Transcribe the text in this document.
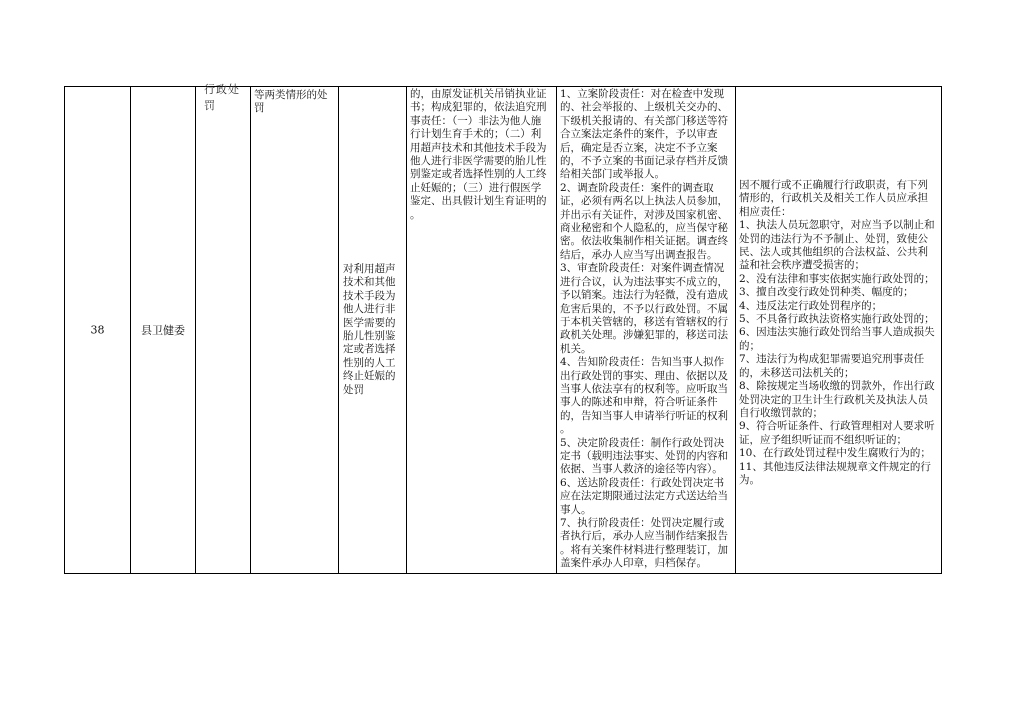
38	县卫健委
行政处罚
等两类情形的处罚
对利用超声
技术和其他
技术手段为
他人进行非
医学需要的
胎儿性别鉴
定或者选择
性别的人工
终止妊娠的
处罚
的，由原发证机关吊销执业证
书；构成犯罪的，依法追究刑
事责任：（一）非法为他人施
行计划生育手术的；（二）利
用超声技术和其他技术手段为
他人进行非医学需要的胎儿性
别鉴定或者选择性别的人工终
止妊娠的；（三）进行假医学
鉴定、出具假计划生育证明的
。
1、立案阶段责任：对在检查中发现
的、社会举报的、上级机关交办的、
下级机关报请的、有关部门移送等符
合立案法定条件的案件，予以审查
后，确定是否立案，决定不予立案
的，不予立案的书面记录存档并反馈
给相关部门或举报人。
2、调查阶段责任：案件的调查取
证，必须有两名以上执法人员参加，
并出示有关证件，对涉及国家机密、
商业秘密和个人隐私的，应当保守秘
密。依法收集制作相关证据。调查终
结后，承办人应当写出调查报告。
3、审查阶段责任：对案件调查情况
进行合议，认为违法事实不成立的，
予以销案。违法行为轻微，没有造成
危害后果的，不予以行政处罚。不属
于本机关管辖的，移送有管辖权的行
政机关处理。涉嫌犯罪的，移送司法
机关。
4、告知阶段责任：告知当事人拟作
出行政处罚的事实、理由、依据以及
当事人依法享有的权利等。应听取当
事人的陈述和申辩，符合听证条件
的，告知当事人申请举行听证的权利
。
5、决定阶段责任：制作行政处罚决
定书（载明违法事实、处罚的内容和
依据、当事人救济的途径等内容）。
6、送达阶段责任：行政处罚决定书
应在法定期限通过法定方式送达给当
事人。
7、执行阶段责任：处罚决定履行或
者执行后，承办人应当制作结案报告
。将有关案件材料进行整理装订，加
盖案件承办人印章，归档保存。
因不履行或不正确履行行政职责，有下列
情形的，行政机关及相关工作人员应承担
相应责任：
1、执法人员玩忽职守，对应当予以制止和
处罚的违法行为不予制止、处罚，致使公
民、法人或其他组织的合法权益、公共利
益和社会秩序遭受损害的；
2、没有法律和事实依据实施行政处罚的；
3、擅自改变行政处罚种类、幅度的；
4、违反法定行政处罚程序的；
5、不具备行政执法资格实施行政处罚的；
6、因违法实施行政处罚给当事人造成损失
的；
7、违法行为构成犯罪需要追究刑事责任
的，未移送司法机关的；
8、除按规定当场收缴的罚款外，作出行政
处罚决定的卫生计生行政机关及执法人员
自行收缴罚款的；
9、符合听证条件、行政管理相对人要求听
证，应予组织听证而不组织听证的；
10、在行政处罚过程中发生腐败行为的；
11、其他违反法律法规规章文件规定的行
为。
